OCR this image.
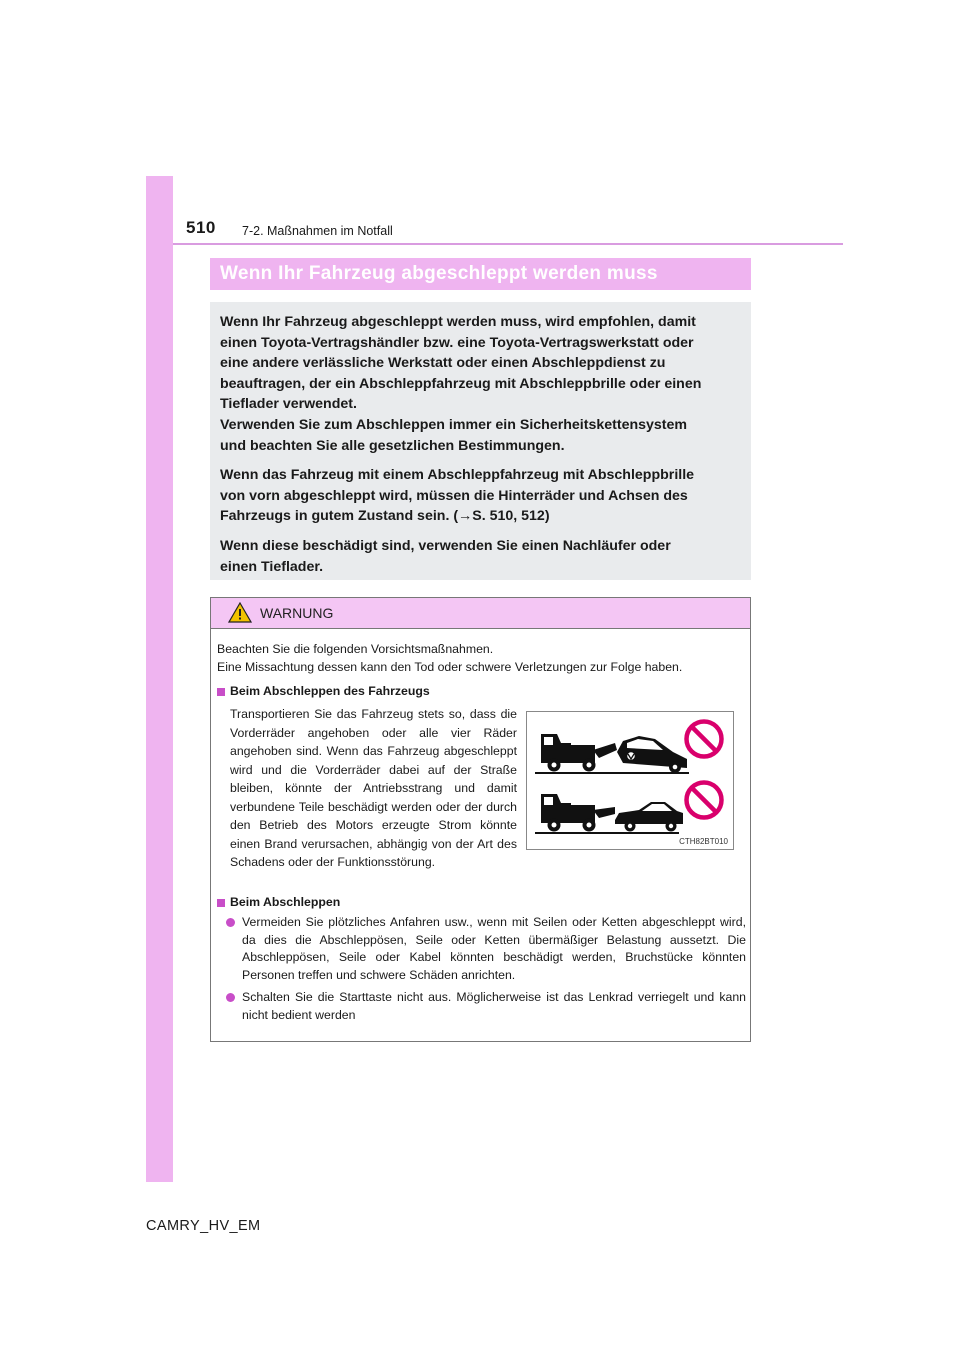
510 7-2. Maßnahmen im Notfall
Wenn Ihr Fahrzeug abgeschleppt werden muss

Wenn Ihr Fahrzeug abgeschleppt werden muss, wird empfohlen, damit
einen Toyota-Vertragshändler bzw. eine Toyota-Vertragswerkstatt oder
eine andere verlässliche Werkstatt oder einen Abschleppdienst zu
beauftragen, der ein Abschleppfahrzeug mit Abschleppbrille oder einen
Tieflader verwendet.
Verwenden Sie zum Abschleppen immer ein Sicherheitskettensystem
und beachten Sie alle gesetzlichen Bestimmungen.

Wenn das Fahrzeug mit einem Abschleppfahrzeug mit Abschleppbrille
von vorn abgeschleppt wird, müssen die Hinterräder und Achsen des
Fahrzeugs in gutem Zustand sein. (→S. 510, 512)

Wenn diese beschädigt sind, verwenden Sie einen Nachläufer oder
einen Tieflader.

WARNUNG
Beachten Sie die folgenden Vorsichtsmaßnahmen.
Eine Missachtung dessen kann den Tod oder schwere Verletzungen zur Folge haben.
Beim Abschleppen des Fahrzeugs
Transportieren Sie das Fahrzeug stets so, dass die Vorderräder angehoben oder alle vier Räder angehoben sind. Wenn das Fahrzeug abgeschleppt wird und die Vorderräder dabei auf der Straße bleiben, könnte der Antriebsstrang und damit verbundene Teile beschädigt werden oder der durch den Betrieb des Motors erzeugte Strom könnte einen Brand verursachen, abhängig von der Art des Schadens oder der Funktionsstörung.
Beim Abschleppen
Vermeiden Sie plötzliches Anfahren usw., wenn mit Seilen oder Ketten abgeschleppt wird, da dies die Abschleppösen, Seile oder Ketten übermäßiger Belastung aussetzt. Die Abschleppösen, Seile oder Kabel könnten beschädigt werden, Bruchstücke könnten Personen treffen und schwere Schäden anrichten.
Schalten Sie die Starttaste nicht aus. Möglicherweise ist das Lenkrad verriegelt und kann nicht bedient werden
CTH82BT010
CAMRY_HV_EM
